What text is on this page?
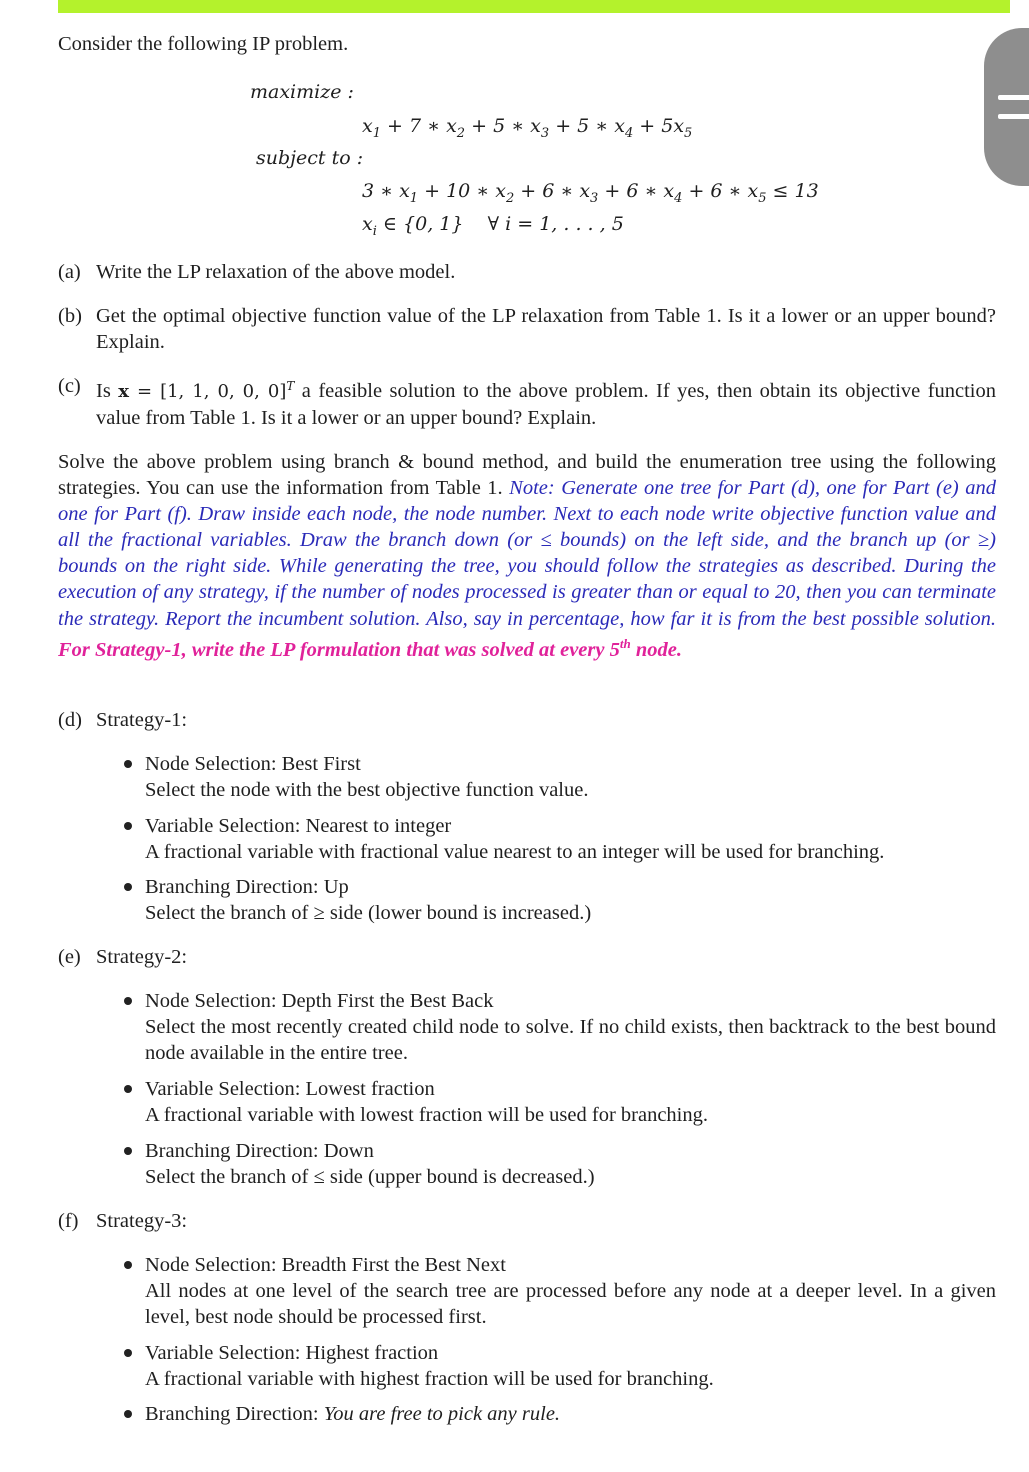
Consider the following IP problem.
maximize :
$x_1 + 7$ ∗ $x_2 + 5$ ∗ $x_3 + 5$ ∗ $x_4 + 5x_5$
subject to :
3 ∗ $x_1 + 10$ ∗ $x_2 + 6$ ∗ $x_3 + 6$ ∗ $x_4 + 6$ ∗ $x_5 \le 13$
$x_i$ ∈ {0, 1}    ∀ i = 1, . . . , 5
(a) Write the LP relaxation of the above model.
(b) Get the optimal objective function value of the LP relaxation from Table 1. Is it a lower or an upper bound? Explain.
(c) Is x = [1, 1, 0, 0, 0]$^T$ a feasible solution to the above problem. If yes, then obtain its objective function value from Table 1. Is it a lower or an upper bound? Explain.
Solve the above problem using branch & bound method, and build the enumeration tree using the following strategies. You can use the information from Table 1. Note: Generate one tree for Part (d), one for Part (e) and one for Part (f). Draw inside each node, the node number. Next to each node write objective function value and all the fractional variables. Draw the branch down (or ≤ bounds) on the left side, and the branch up (or ≥) bounds on the right side. While generating the tree, you should follow the strategies as described. During the execution of any strategy, if the number of nodes processed is greater than or equal to 20, then you can terminate the strategy. Report the incumbent solution. Also, say in percentage, how far it is from the best possible solution. For Strategy-1, write the LP formulation that was solved at every 5th node.
(d) Strategy-1:
Node Selection: Best First
Select the node with the best objective function value.
Variable Selection: Nearest to integer
A fractional variable with fractional value nearest to an integer will be used for branching.
Branching Direction: Up
Select the branch of ≥ side (lower bound is increased.)
(e) Strategy-2:
Node Selection: Depth First the Best Back
Select the most recently created child node to solve. If no child exists, then backtrack to the best bound node available in the entire tree.
Variable Selection: Lowest fraction
A fractional variable with lowest fraction will be used for branching.
Branching Direction: Down
Select the branch of ≤ side (upper bound is decreased.)
(f) Strategy-3:
Node Selection: Breadth First the Best Next
All nodes at one level of the search tree are processed before any node at a deeper level. In a given level, best node should be processed first.
Variable Selection: Highest fraction
A fractional variable with highest fraction will be used for branching.
Branching Direction: You are free to pick any rule.
